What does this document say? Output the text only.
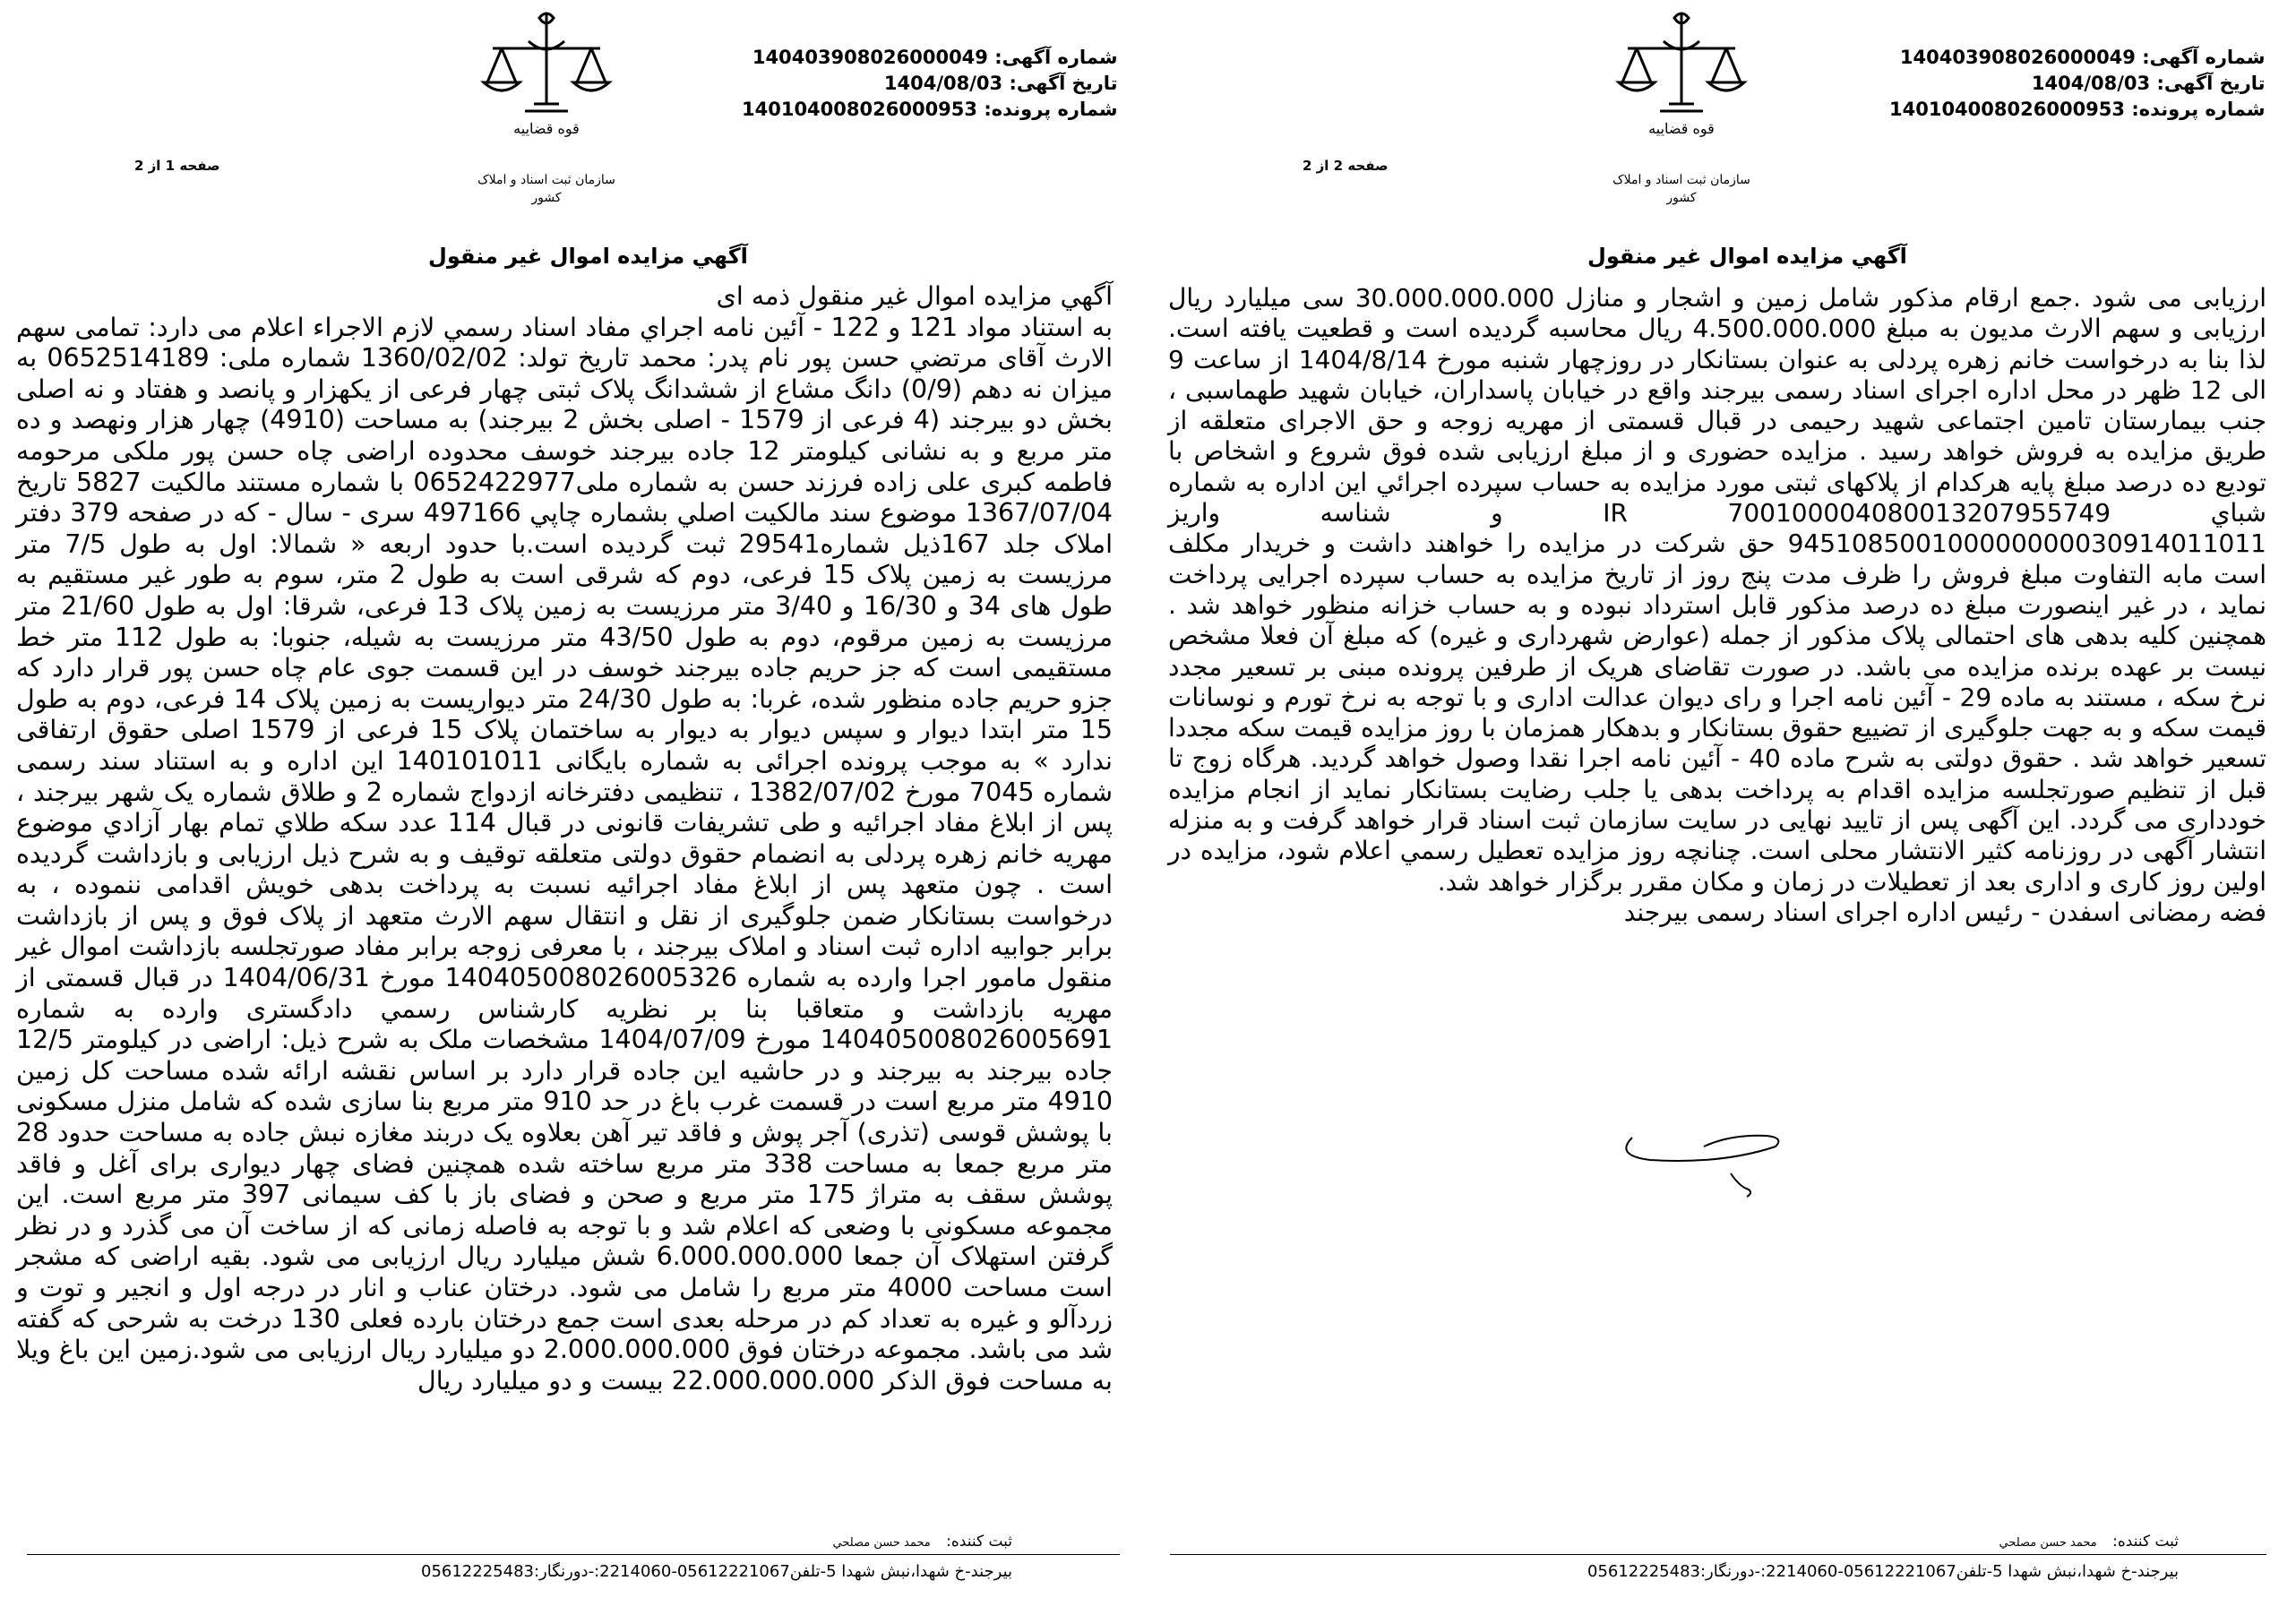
قوه قضاییه
سازمان ثبت اسناد و املاک کشور
شماره آگهی: 140403908026000049
تاریخ آگهی: 1404/08/03
شماره پرونده: 140104008026000953
صفحه 1 از 2
آگهي مزايده اموال غير منقول

آگهي مزايده اموال غير منقول ذمه ای

به استناد مواد 121 و 122 - آئين نامه اجراي مفاد اسناد رسمي لازم الاجراء اعلام می دارد: تمامی سهم الارث آقای مرتضي حسن پور نام پدر: محمد تاريخ تولد: 1360/02/02 شماره ملی: 0652514189 به ميزان نه دهم (0/9) دانگ مشاع از ششدانگ پلاک ثبتی چهار فرعی از يکهزار و پانصد و هفتاد و نه اصلی بخش دو بيرجند (4 فرعی از 1579 - اصلی بخش 2 بيرجند) به مساحت (4910) چهار هزار ونهصد و ده متر مربع و به نشانی کيلومتر 12 جاده بيرجند خوسف محدوده اراضی چاه حسن پور ملکی مرحومه فاطمه کبری علی زاده فرزند حسن به شماره ملی0652422977 با شماره مستند مالکيت 5827 تاريخ 1367/07/04 موضوع سند مالکيت اصلي بشماره چاپي 497166 سری - سال - که در صفحه 379 دفتر املاک جلد 167ذيل شماره29541 ثبت گرديده است.با حدود اربعه « شمالا: اول به طول 7/5 متر مرزيست به زمين پلاک 15 فرعی، دوم که شرقی است به طول 2 متر، سوم به طور غير مستقيم به طول های 34 و 16/30 و 3/40 متر مرزيست به زمين پلاک 13 فرعی، شرقا: اول به طول 21/60 متر مرزيست به زمين مرقوم، دوم به طول 43/50 متر مرزيست به شيله، جنوبا: به طول 112 متر خط مستقيمی است که جز حريم جاده بيرجند خوسف در اين قسمت جوی عام چاه حسن پور قرار دارد که جزو حريم جاده منظور شده، غربا: به طول 24/30 متر ديواريست به زمين پلاک 14 فرعی، دوم به طول 15 متر ابتدا ديوار و سپس ديوار به ديوار به ساختمان پلاک 15 فرعی از 1579 اصلی حقوق ارتفاقی ندارد » به موجب پرونده اجرائی به شماره بايگانی 140101011 اين اداره و به استناد سند رسمی شماره 7045 مورخ 1382/07/02 ، تنظيمی دفترخانه ازدواج شماره 2 و طلاق شماره يک شهر بيرجند ، پس از ابلاغ مفاد اجرائيه و طی تشريفات قانونی در قبال 114 عدد سکه طلاي تمام بهار آزادي موضوع مهريه خانم زهره پردلی به انضمام حقوق دولتی متعلقه توقيف و به شرح ذيل ارزيابی و بازداشت گرديده است . چون متعهد پس از ابلاغ مفاد اجرائيه نسبت به پرداخت بدهی خويش اقدامی ننموده ، به درخواست بستانکار ضمن جلوگيری از نقل و انتقال سهم الارث متعهد از پلاک فوق و پس از بازداشت برابر جوابيه اداره ثبت اسناد و املاک بيرجند ، با معرفی زوجه برابر مفاد صورتجلسه بازداشت اموال غير منقول مامور اجرا وارده به شماره 140405008026005326 مورخ 1404/06/31 در قبال قسمتی از مهريه بازداشت و متعاقبا بنا بر نظريه کارشناس رسمي دادگستری وارده به شماره 140405008026005691 مورخ 1404/07/09 مشخصات ملک به شرح ذيل: اراضی در کيلومتر 12/5 جاده بيرجند به بيرجند و در حاشيه اين جاده قرار دارد بر اساس نقشه ارائه شده مساحت کل زمين 4910 متر مربع است در قسمت غرب باغ در حد 910 متر مربع بنا سازی شده که شامل منزل مسکونی با پوشش قوسی (تذری) آجر پوش و فاقد تير آهن بعلاوه يک دربند مغازه نبش جاده به مساحت حدود 28 متر مربع جمعا به مساحت 338 متر مربع ساخته شده همچنين فضای چهار ديواری برای آغل و فاقد پوشش سقف به متراژ 175 متر مربع و صحن و فضای باز با کف سيمانی 397 متر مربع است. اين مجموعه مسکونی با وضعی که اعلام شد و با توجه به فاصله زمانی که از ساخت آن می گذرد و در نظر گرفتن استهلاک آن جمعا 6.000.000.000 شش ميليارد ريال ارزيابی می شود. بقيه اراضی که مشجر است مساحت 4000 متر مربع را شامل می شود. درختان عناب و انار در درجه اول و انجير و توت و زردآلو و غيره به تعداد کم در مرحله بعدی است جمع درختان بارده فعلی 130 درخت به شرحی که گفته شد می باشد. مجموعه درختان فوق 2.000.000.000 دو ميليارد ريال ارزيابی می شود.زمين اين باغ ويلا به مساحت فوق الذکر 22.000.000.000 بيست و دو ميليارد ريال

ثبت کننده: محمد حسن مصلحي
بيرجند-خ شهدا،نبش شهدا 5-تلفن05612221067-2214060:-دورنگار:05612225483
قوه قضاییه
سازمان ثبت اسناد و املاک کشور
شماره آگهی: 140403908026000049
تاریخ آگهی: 1404/08/03
شماره پرونده: 140104008026000953
صفحه 2 از 2
آگهي مزايده اموال غير منقول

ارزيابی می شود .جمع ارقام مذکور شامل زمين و اشجار و منازل 30.000.000.000 سی ميليارد ريال ارزيابی و سهم الارث مديون به مبلغ 4.500.000.000 ريال محاسبه گرديده است و قطعيت يافته است. لذا بنا به درخواست خانم زهره پردلی به عنوان بستانکار در روزچهار شنبه مورخ 1404/8/14 از ساعت 9 الی 12 ظهر در محل اداره اجرای اسناد رسمی بيرجند واقع در خيابان پاسداران، خيابان شهيد طهماسبی ، جنب بيمارستان تامين اجتماعی شهيد رحيمی در قبال قسمتی از مهريه زوجه و حق الاجرای متعلقه از طريق مزايده به فروش خواهد رسيد . مزايده حضوری و از مبلغ ارزيابی شده فوق شروع و اشخاص با توديع ده درصد مبلغ پايه هرکدام از پلاکهای ثبتی مورد مزايده به حساب سپرده اجرائي اين اداره به شماره شباي IR 700100004080013207955749 و شناسه واريز 945108500100000000030914011011 حق شرکت در مزايده را خواهند داشت و خريدار مکلف است مابه التفاوت مبلغ فروش را ظرف مدت پنج روز از تاريخ مزايده به حساب سپرده اجرايی پرداخت نمايد ، در غير اينصورت مبلغ ده درصد مذکور قابل استرداد نبوده و به حساب خزانه منظور خواهد شد . همچنين کليه بدهی های احتمالی پلاک مذکور از جمله (عوارض شهرداری و غيره) که مبلغ آن فعلا مشخص نيست بر عهده برنده مزايده می باشد. در صورت تقاضای هريک از طرفين پرونده مبنی بر تسعير مجدد نرخ سکه ، مستند به ماده 29 - آئين نامه اجرا و رای ديوان عدالت اداری و با توجه به نرخ تورم و نوسانات قيمت سکه و به جهت جلوگيری از تضييع حقوق بستانکار و بدهکار همزمان با روز مزايده قيمت سکه مجددا تسعير خواهد شد . حقوق دولتی به شرح ماده 40 - آئين نامه اجرا نقدا وصول خواهد گرديد. هرگاه زوج تا قبل از تنظيم صورتجلسه مزايده اقدام به پرداخت بدهی يا جلب رضايت بستانکار نمايد از انجام مزايده خودداری می گردد. اين آگهی پس از تاييد نهايی در سايت سازمان ثبت اسناد قرار خواهد گرفت و به منزله انتشار آگهی در روزنامه کثير الانتشار محلی است. چنانچه روز مزايده تعطيل رسمي اعلام شود، مزايده در اولين روز کاری و اداری بعد از تعطيلات در زمان و مکان مقرر برگزار خواهد شد.

فضه رمضانی اسفدن - رئيس اداره اجرای اسناد رسمی بيرجند

ثبت کننده: محمد حسن مصلحي
بيرجند-خ شهدا،نبش شهدا 5-تلفن05612221067-2214060:-دورنگار:05612225483
